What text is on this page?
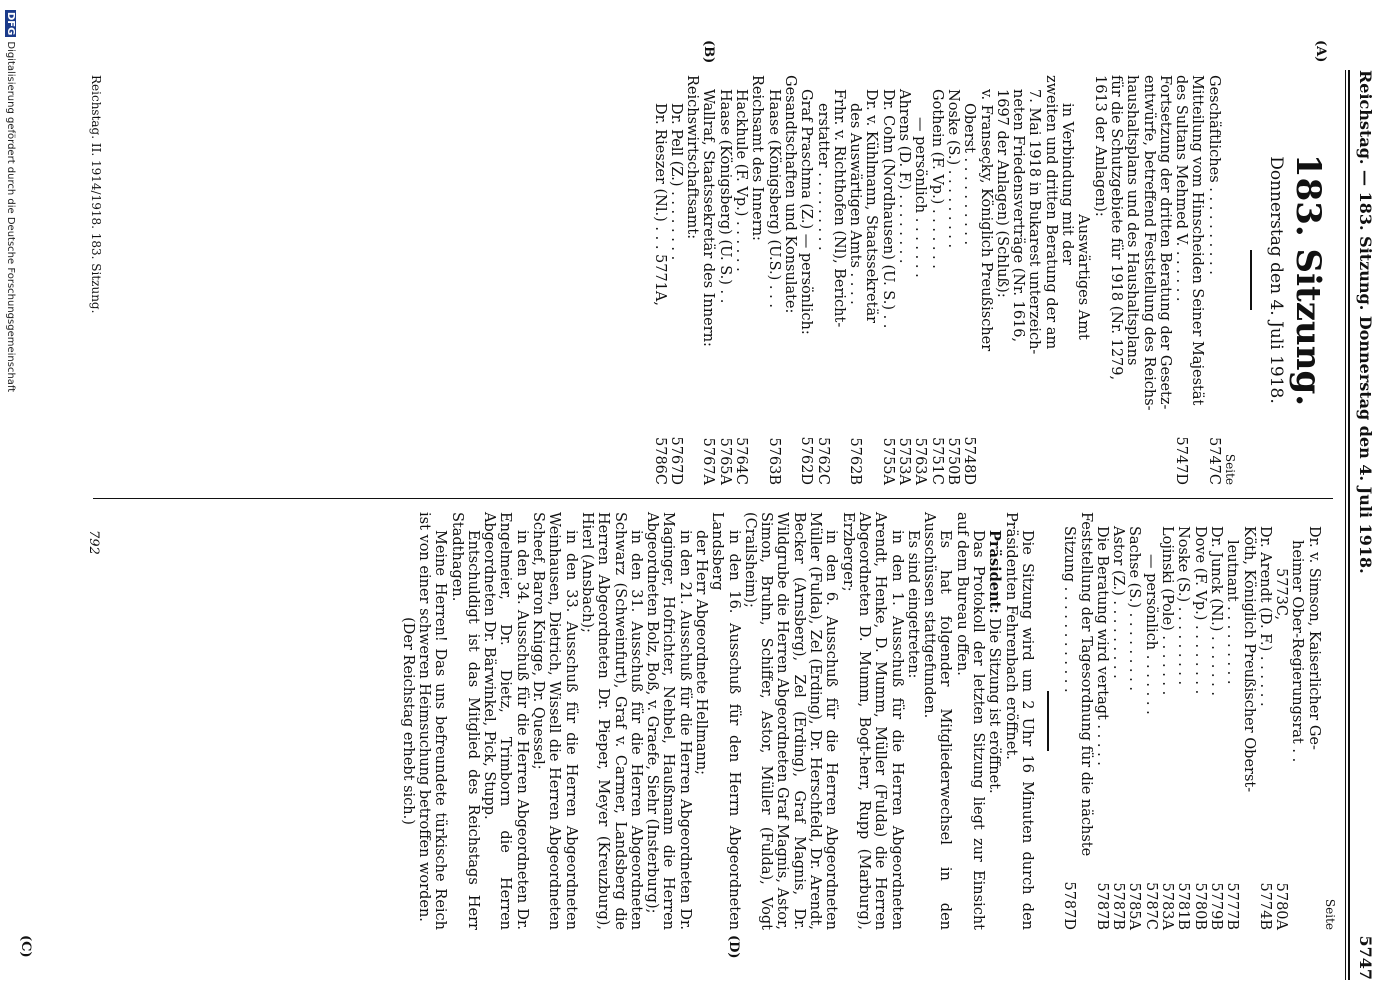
Reichstag. — 183. Sitzung. Donnerstag den 4. Juli 1918.
5747
(A)
(B)
(C)	(D)
183. Sitzung.
Donnerstag den 4. Juli 1918.
Seite
Geschäftliches . . . . . . . . . .
5747C
Mitteilung vom Hinscheiden Seiner Majestät
des Sultans Mehmed V. . . . . . .
5747D
Fortsetzung der dritten Beratung der Gesetz-
entwürfe, betreffend Feststellung des Reichs-
haushaltsplans und des Haushaltsplans
für die Schutzgebiete für 1918 (Nr. 1279,
1613 der Anlagen):
Auswärtiges Amt
in Verbindung mit der
zweiten und dritten Beratung der am
7. Mai 1918 in Bukarest unterzeich-
neten Friedensverträge (Nr. 1616,
1697 der Anlagen) (Schluß):
v. Franseçky, Königlich Preußischer
Oberst . . . . . . . . . .
5748D
Noske (S.) . . . . . . . . .
5750B
Gothein (F. Vp.) . . . . . . .
5751C
— persönlich . . . . . . .
5763A
Ahrens (D. F.) . . . . . . . .
5753A
Dr. Cohn (Nordhausen) (U. S.) . .
5755A
Dr. v. Kühlmann, Staatssekretär
des Auswärtigen Amts . . . .
5762B
Frhr. v. Richthofen (Nl), Bericht-
erstatter . . . . . . . . .
5762C
Graf Praschma (Z.) — persönlich:
5762D
Gesandtschaften und Konsulate:
Haase (Königsberg) (U.S.) . . .
5763B
Reichsamt des Innern:
Hackhule (F. Vp.) . . . . . .
5764C
Haase (Königsberg) (U. S.) . .
5765A
Wallraf, Staatssekretär des Innern:
5767A
Reichswirtschaftsamt:
Dr. Pell (Z.) . . . . . . . .
5767D
Dr. Rieszer (Nl.) . . . 5771A,
5786C
Seite
Dr. v. Simson, Kaiserlicher Ge-
heimer Ober-Regierungsrat . .
5773C,
5780A
Dr. Arendt (D. F.) . . . . . .
5774B
Köth, Königlich Preußischer Oberst-
leutnant . . . . . . . . .
5777B
Dr. Junck (Nl.) . . . . . . .
5779B
Dove (F. Vp.) . . . . . . . .
5780B
Noske (S.) . . . . . . . . .
5781B
Lojinski (Pole) . . . . . . .
5783A
— persönlich . . . . . . .
5787C
Sachse (S.) . . . . . . . . .
5785A
Astor (Z.) . . . . . . . . .
5787B
Die Beratung wird vertagt . . . . .
5787B
Feststellung der Tagesordnung für die nächste
Sitzung . . . . . . . . . . . .
5787D

Die Sitzung wird um 2 Uhr 16 Minuten durch den Präsidenten Fehrenbach eröffnet.

Präsident: Die Sitzung ist eröffnet.

Das Protokoll der letzten Sitzung liegt zur Einsicht auf dem Bureau offen.

Es hat folgender Mitgliederwechsel in den Ausschüssen stattgefunden.

Es sind eingetreten:

in den 1. Ausschuß für die Herren Abgeordneten Arendt, Henke, D. Mumm, Müller (Fulda) die Herren Abgeordneten D. Mumm, Bogt-herr, Rupp (Marburg), Erzberger;

in den 6. Ausschuß für die Herren Abgeordneten Müller (Fulda), Zel (Erding), Dr. Herschfeld, Dr. Arendt, Becker (Arnsberg), Zel (Erding), Graf Magnis, Dr. Wildgrube die Herren Abgeordneten Graf Magnis, Astor, Simon, Bruhn, Schiffer, Astor, Müller (Fulda), Vogt (Crailsheim);

in den 16. Ausschuß für den Herrn Abgeordneten Landsberg

der Herr Abgeordnete Hellmann;

in den 21. Ausschuß für die Herren Abgeordneten Dr. Maginger, Hofrichter, Nehbel, Haußmann die Herren Abgeordneten Bolz, Boß, v. Graefe, Siehr (Insterburg);

in den 31. Ausschuß für die Herren Abgeordneten Schwarz (Schweinfurt), Graf v. Carmer, Landsberg die Herren Abgeordneten Dr. Pieper, Meyer (Kreuzburg), Hierl (Ansbach);

in den 33. Ausschuß für die Herren Abgeordneten Weinhausen, Dietrich, Wissell die Herren Abgeordneten Scheef, Baron Knigge, Dr. Quessel;

in den 34. Ausschuß für die Herren Abgeordneten Dr. Engelmeier, Dr. Dietz, Trimborn die Herren Abgeordneten Dr. Bärwinkel, Pick, Stupp.

Entschuldigt ist das Mitglied des Reichstags Herr Stadthagen.

Meine Herren! Das uns befreundete türkische Reich ist von einer schweren Heimsuchung betroffen worden.

(Der Reichstag erhebt sich.)

Reichstag. II. 1914/1918. 183. Sitzung.
792
DFGDigitalisierung gefördert durch die Deutsche Forschungsgemeinschaft
